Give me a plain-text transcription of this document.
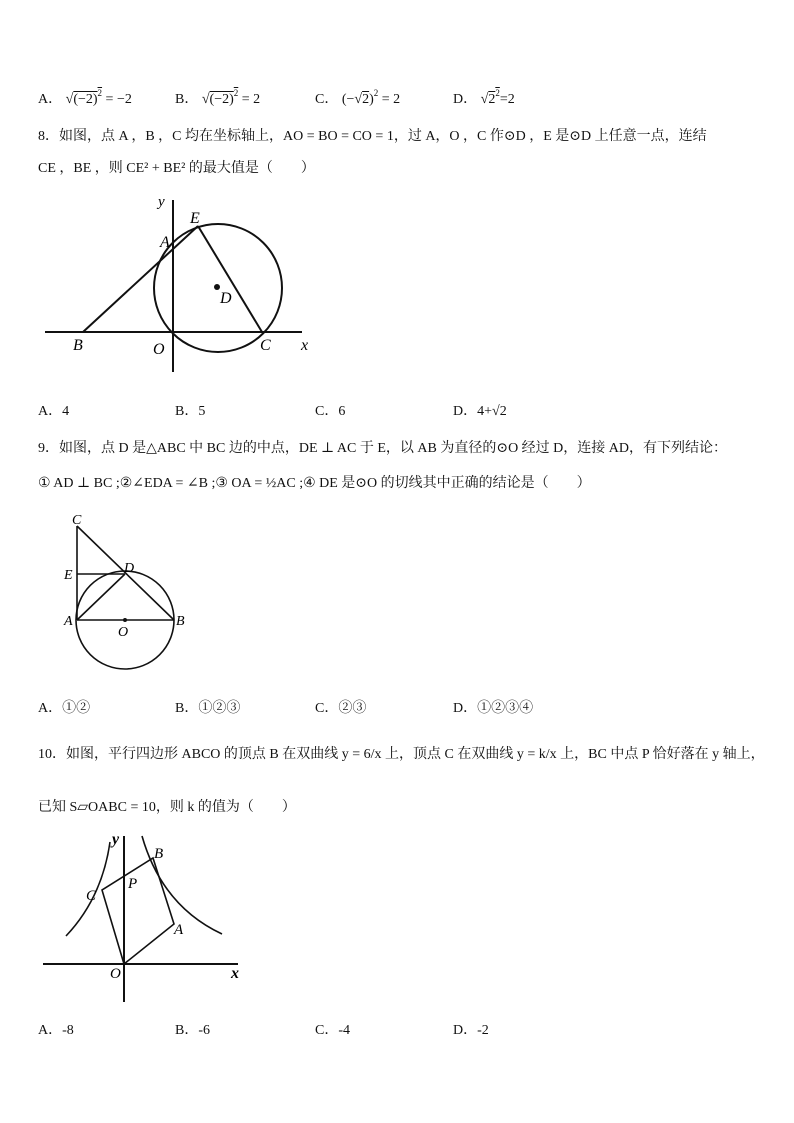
A． $√(-2)^2 = -2$	B． $√(-2)^2 = 2$	C． $(-√2)^2 = 2$	D． $√2^2=2$
8．如图，点 A ，B ，C 均在坐标轴上，AO = BO = CO = 1，过 A，O ，C 作⊙D ，E 是⊙D 上任意一点，连结
CE ，BE ，则 CE² + BE² 的最大值是（　　）
y
E
A
D
B	O	C x
A．4	B．5	C．6	D．4+√2
9．如图，点 D 是△ABC 中 BC 边的中点，DE ⊥ AC 于 E，以 AB 为直径的⊙O 经过 D，连接 AD，有下列结论：
① AD ⊥ BC ;②∠EDA = ∠B ;③ OA = ½AC ;④ DE 是⊙O 的切线其中正确的结论是（　　）
C
E	D
A
O
B
A．①②	B．①②③	C．②③	D．①②③④
10．如图，平行四边形 ABCO 的顶点 B 在双曲线 y = 6/x 上，顶点 C 在双曲线 y = k/x 上，BC 中点 P 恰好落在 y 轴上，
已知 S▱OABC = 10，则 k 的值为（　　）
y
B
P
C
A
O	x
A．-8	B．-6	C．-4	D．-2
